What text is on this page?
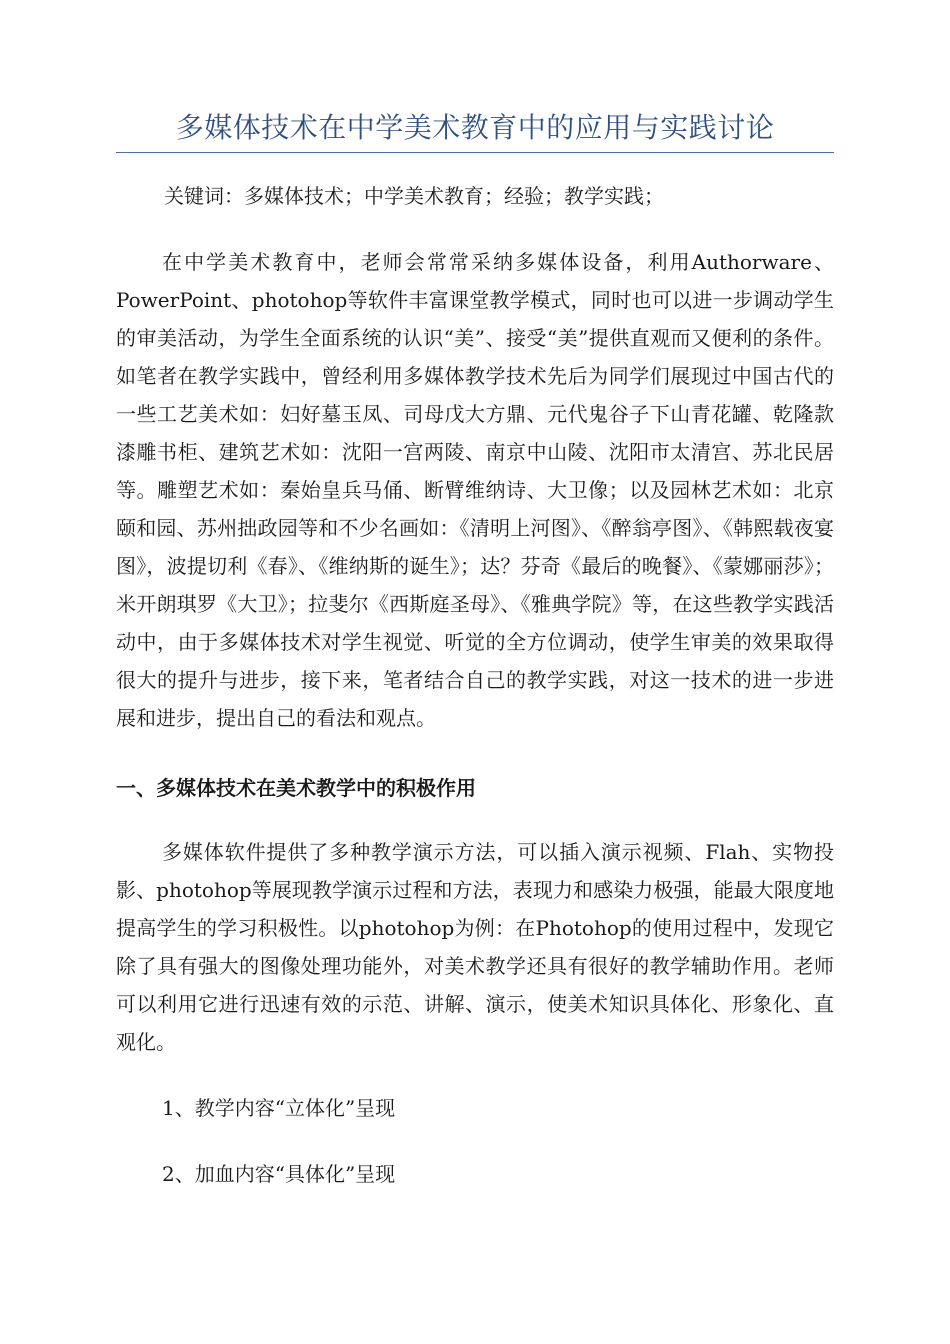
多媒体技术在中学美术教育中的应用与实践讨论

关键词：多媒体技术；中学美术教育；经验；教学实践；

在中学美术教育中，老师会常常采纳多媒体设备，利用Authorware、PowerPoint、photohop等软件丰富课堂教学模式，同时也可以进一步调动学生的审美活动，为学生全面系统的认识“美”、接受“美”提供直观而又便利的条件。如笔者在教学实践中，曾经利用多媒体教学技术先后为同学们展现过中国古代的一些工艺美术如：妇好墓玉凤、司母戊大方鼎、元代鬼谷子下山青花罐、乾隆款漆雕书柜、建筑艺术如：沈阳一宫两陵、南京中山陵、沈阳市太清宫、苏北民居等。雕塑艺术如：秦始皇兵马俑、断臂维纳诗、大卫像；以及园林艺术如：北京颐和园、苏州拙政园等和不少名画如：《清明上河图》、《醉翁亭图》、《韩熙载夜宴图》，波提切利《春》、《维纳斯的诞生》；达？芬奇《最后的晚餐》、《蒙娜丽莎》；米开朗琪罗《大卫》；拉斐尔《西斯庭圣母》、《雅典学院》等，在这些教学实践活动中，由于多媒体技术对学生视觉、听觉的全方位调动，使学生审美的效果取得很大的提升与进步，接下来，笔者结合自己的教学实践，对这一技术的进一步进展和进步，提出自己的看法和观点。

一、多媒体技术在美术教学中的积极作用

多媒体软件提供了多种教学演示方法，可以插入演示视频、Flah、实物投影、photohop等展现教学演示过程和方法，表现力和感染力极强，能最大限度地提高学生的学习积极性。以photohop为例：在Photohop的使用过程中，发现它除了具有强大的图像处理功能外，对美术教学还具有很好的教学辅助作用。老师可以利用它进行迅速有效的示范、讲解、演示，使美术知识具体化、形象化、直观化。

1、教学内容“立体化”呈现

2、加血内容“具体化”呈现
